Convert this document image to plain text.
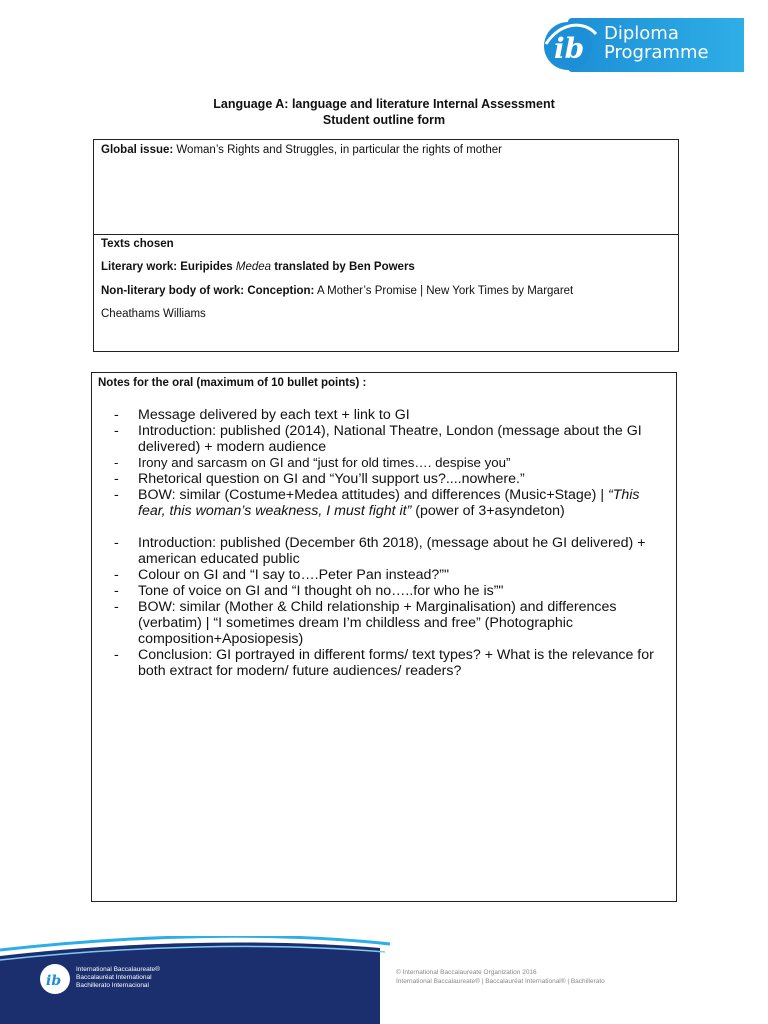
ib Diploma
Programme
Language A: language and literature Internal Assessment
Student outline form
Global issue: Woman’s Rights and Struggles, in particular the rights of mother
Texts chosen
Literary work: Euripides Medea translated by Ben Powers
Non-literary body of work: Conception: A Mother’s Promise | New York Times by Margaret
Cheathams Williams
Notes for the oral (maximum of 10 bullet points) :
- Message delivered by each text + link to GI
- Introduction: published (2014), National Theatre, London (message about the GI delivered) + modern audience
- Irony and sarcasm on GI and “just for old times…. despise you”
- Rhetorical question on GI and “You’ll support us?....nowhere.”
- BOW: similar (Costume+Medea attitudes) and differences (Music+Stage) | “This fear, this woman’s weakness, I must fight it” (power of 3+asyndeton)
- Introduction: published (December 6th 2018), (message about he GI delivered) + american educated public
- Colour on GI and “I say to….Peter Pan instead?”"
- Tone of voice on GI and “I thought oh no…..for who he is”"
- BOW: similar (Mother & Child relationship + Marginalisation) and differences (verbatim) | “I sometimes dream I’m childless and free” (Photographic composition+Aposiopesis)
- Conclusion: GI portrayed in different forms/ text types? + What is the relevance for both extract for modern/ future audiences/ readers?
ib
International Baccalaureate®
Baccalauréat International
Bachillerato Internacional
© International Baccalaureate Organization 2016
International Baccalaureate® | Baccalauréat International® | Bachillerato
